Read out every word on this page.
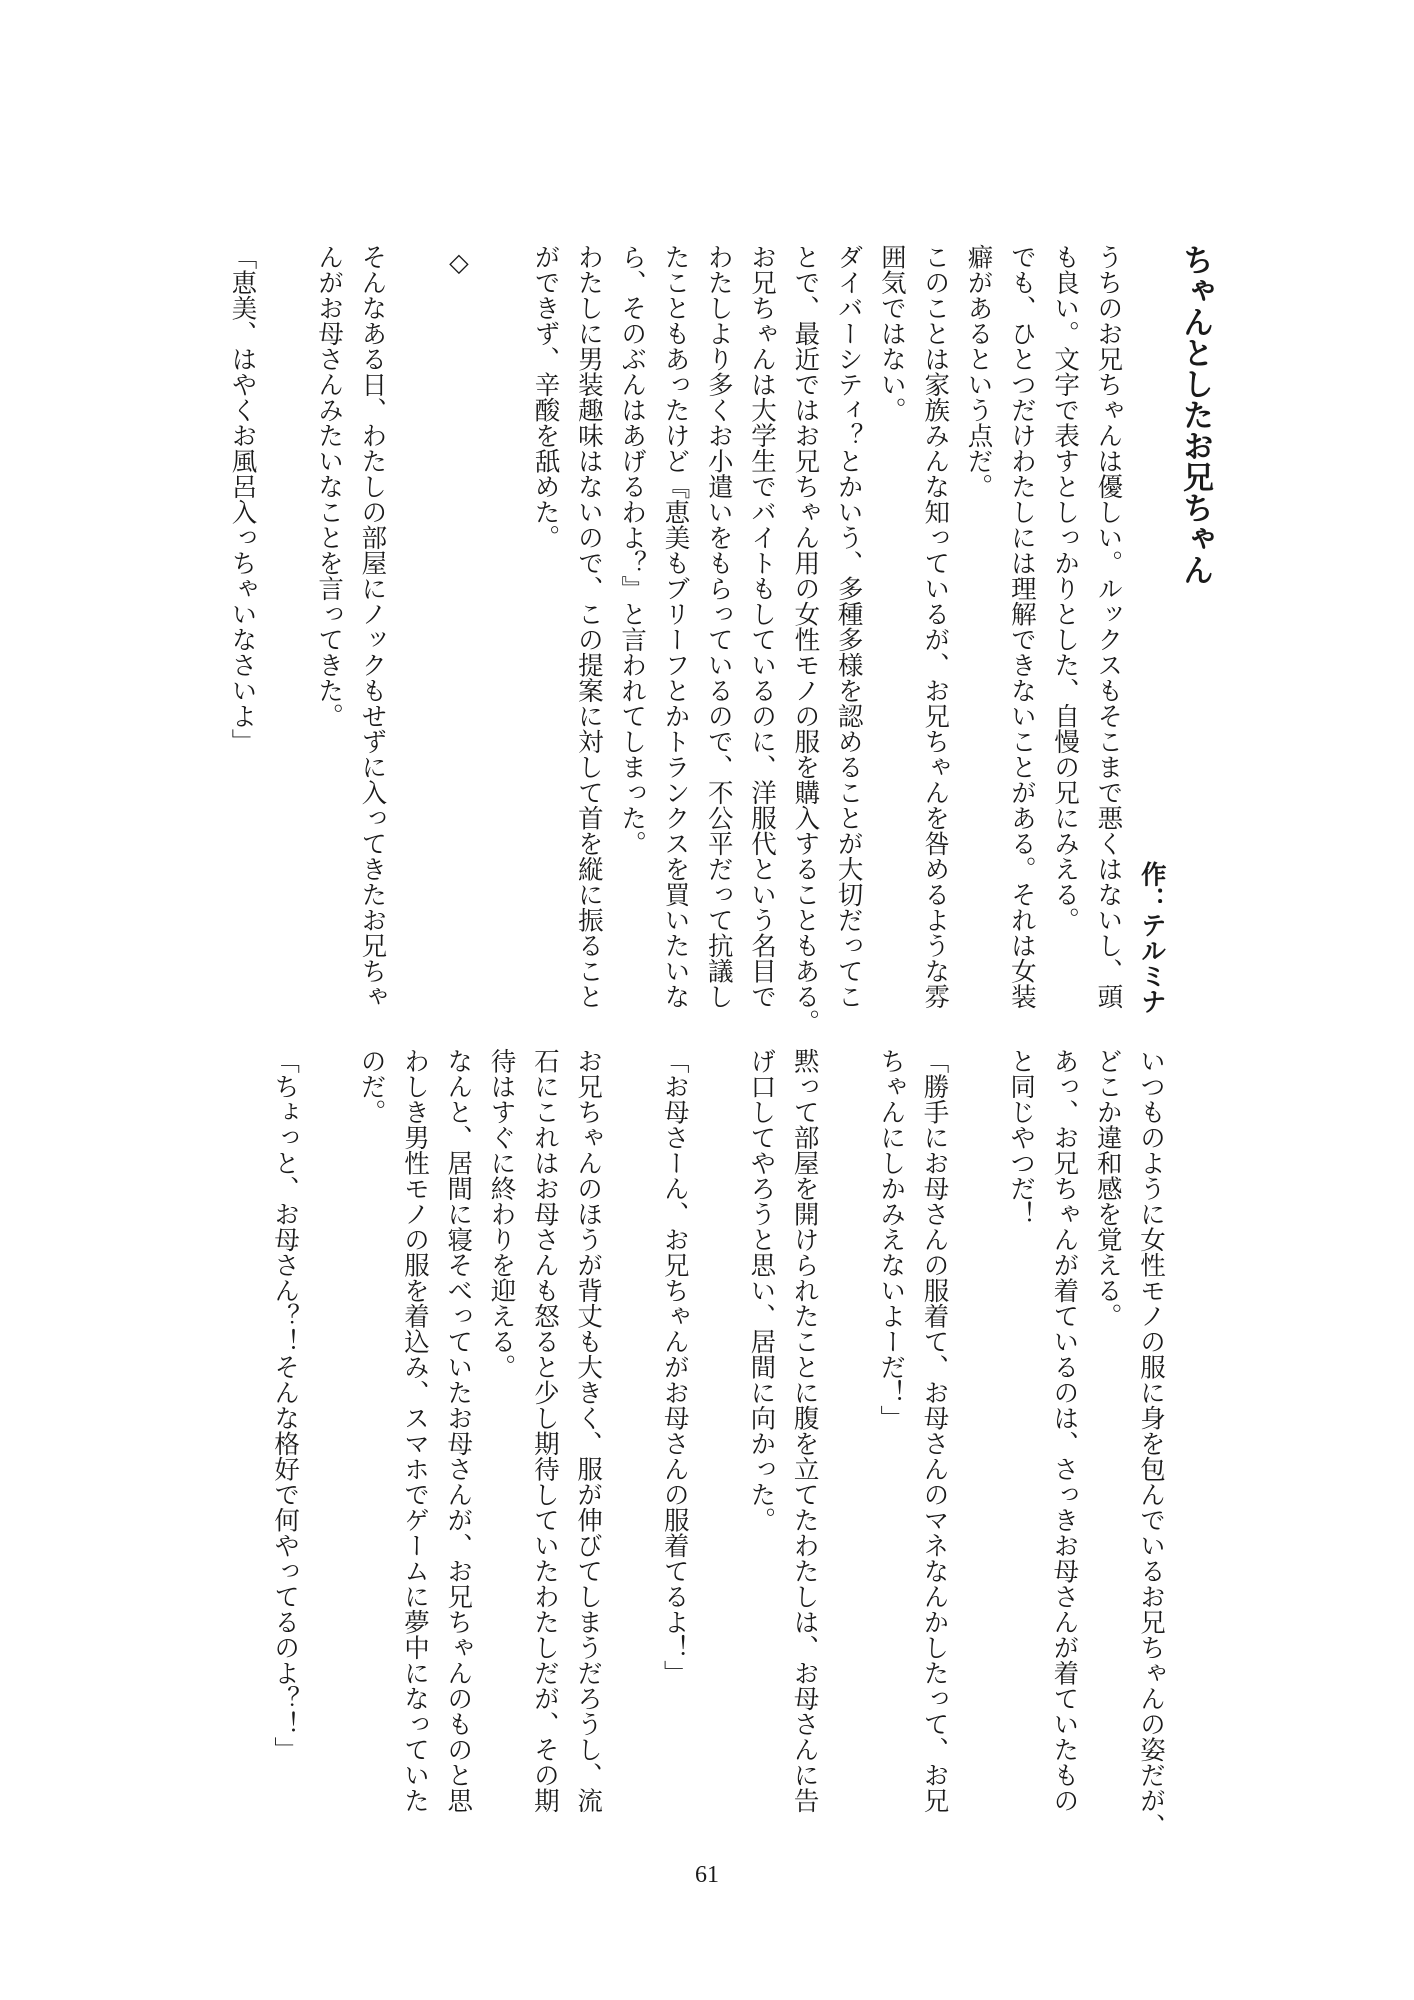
ちゃんとしたお兄ちゃん

作：テルミナ

うちのお兄ちゃんは優しい。ルックスもそこまで悪くはないし、頭

も良い。文字で表すとしっかりとした、自慢の兄にみえる。

でも、ひとつだけわたしには理解できないことがある。それは女装

癖があるという点だ。

このことは家族みんな知っているが、お兄ちゃんを咎めるような雰

囲気ではない。

ダイバーシティ？とかいう、多種多様を認めることが大切だってこ

とで、最近ではお兄ちゃん用の女性モノの服を購入することもある。

お兄ちゃんは大学生でバイトもしているのに、洋服代という名目で

わたしより多くお小遣いをもらっているので、不公平だって抗議し

たこともあったけど『恵美もブリーフとかトランクスを買いたいな

ら、そのぶんはあげるわよ？』と言われてしまった。

わたしに男装趣味はないので、この提案に対して首を縦に振ること

ができず、辛酸を舐めた。

◇

そんなある日、わたしの部屋にノックもせずに入ってきたお兄ちゃ

んがお母さんみたいなことを言ってきた。

「恵美、はやくお風呂入っちゃいなさいよ」

いつものように女性モノの服に身を包んでいるお兄ちゃんの姿だが、

どこか違和感を覚える。

あっ、お兄ちゃんが着ているのは、さっきお母さんが着ていたもの

と同じやつだ！

「勝手にお母さんの服着て、お母さんのマネなんかしたって、お兄

ちゃんにしかみえないよーだ！」

黙って部屋を開けられたことに腹を立てたわたしは、お母さんに告

げ口してやろうと思い、居間に向かった。

「お母さーん、お兄ちゃんがお母さんの服着てるよ！」

お兄ちゃんのほうが背丈も大きく、服が伸びてしまうだろうし、流

石にこれはお母さんも怒ると少し期待していたわたしだが、その期

待はすぐに終わりを迎える。

なんと、居間に寝そべっていたお母さんが、お兄ちゃんのものと思

わしき男性モノの服を着込み、スマホでゲームに夢中になっていた

のだ。

「ちょっと、お母さん？！そんな格好で何やってるのよ？！」

61
